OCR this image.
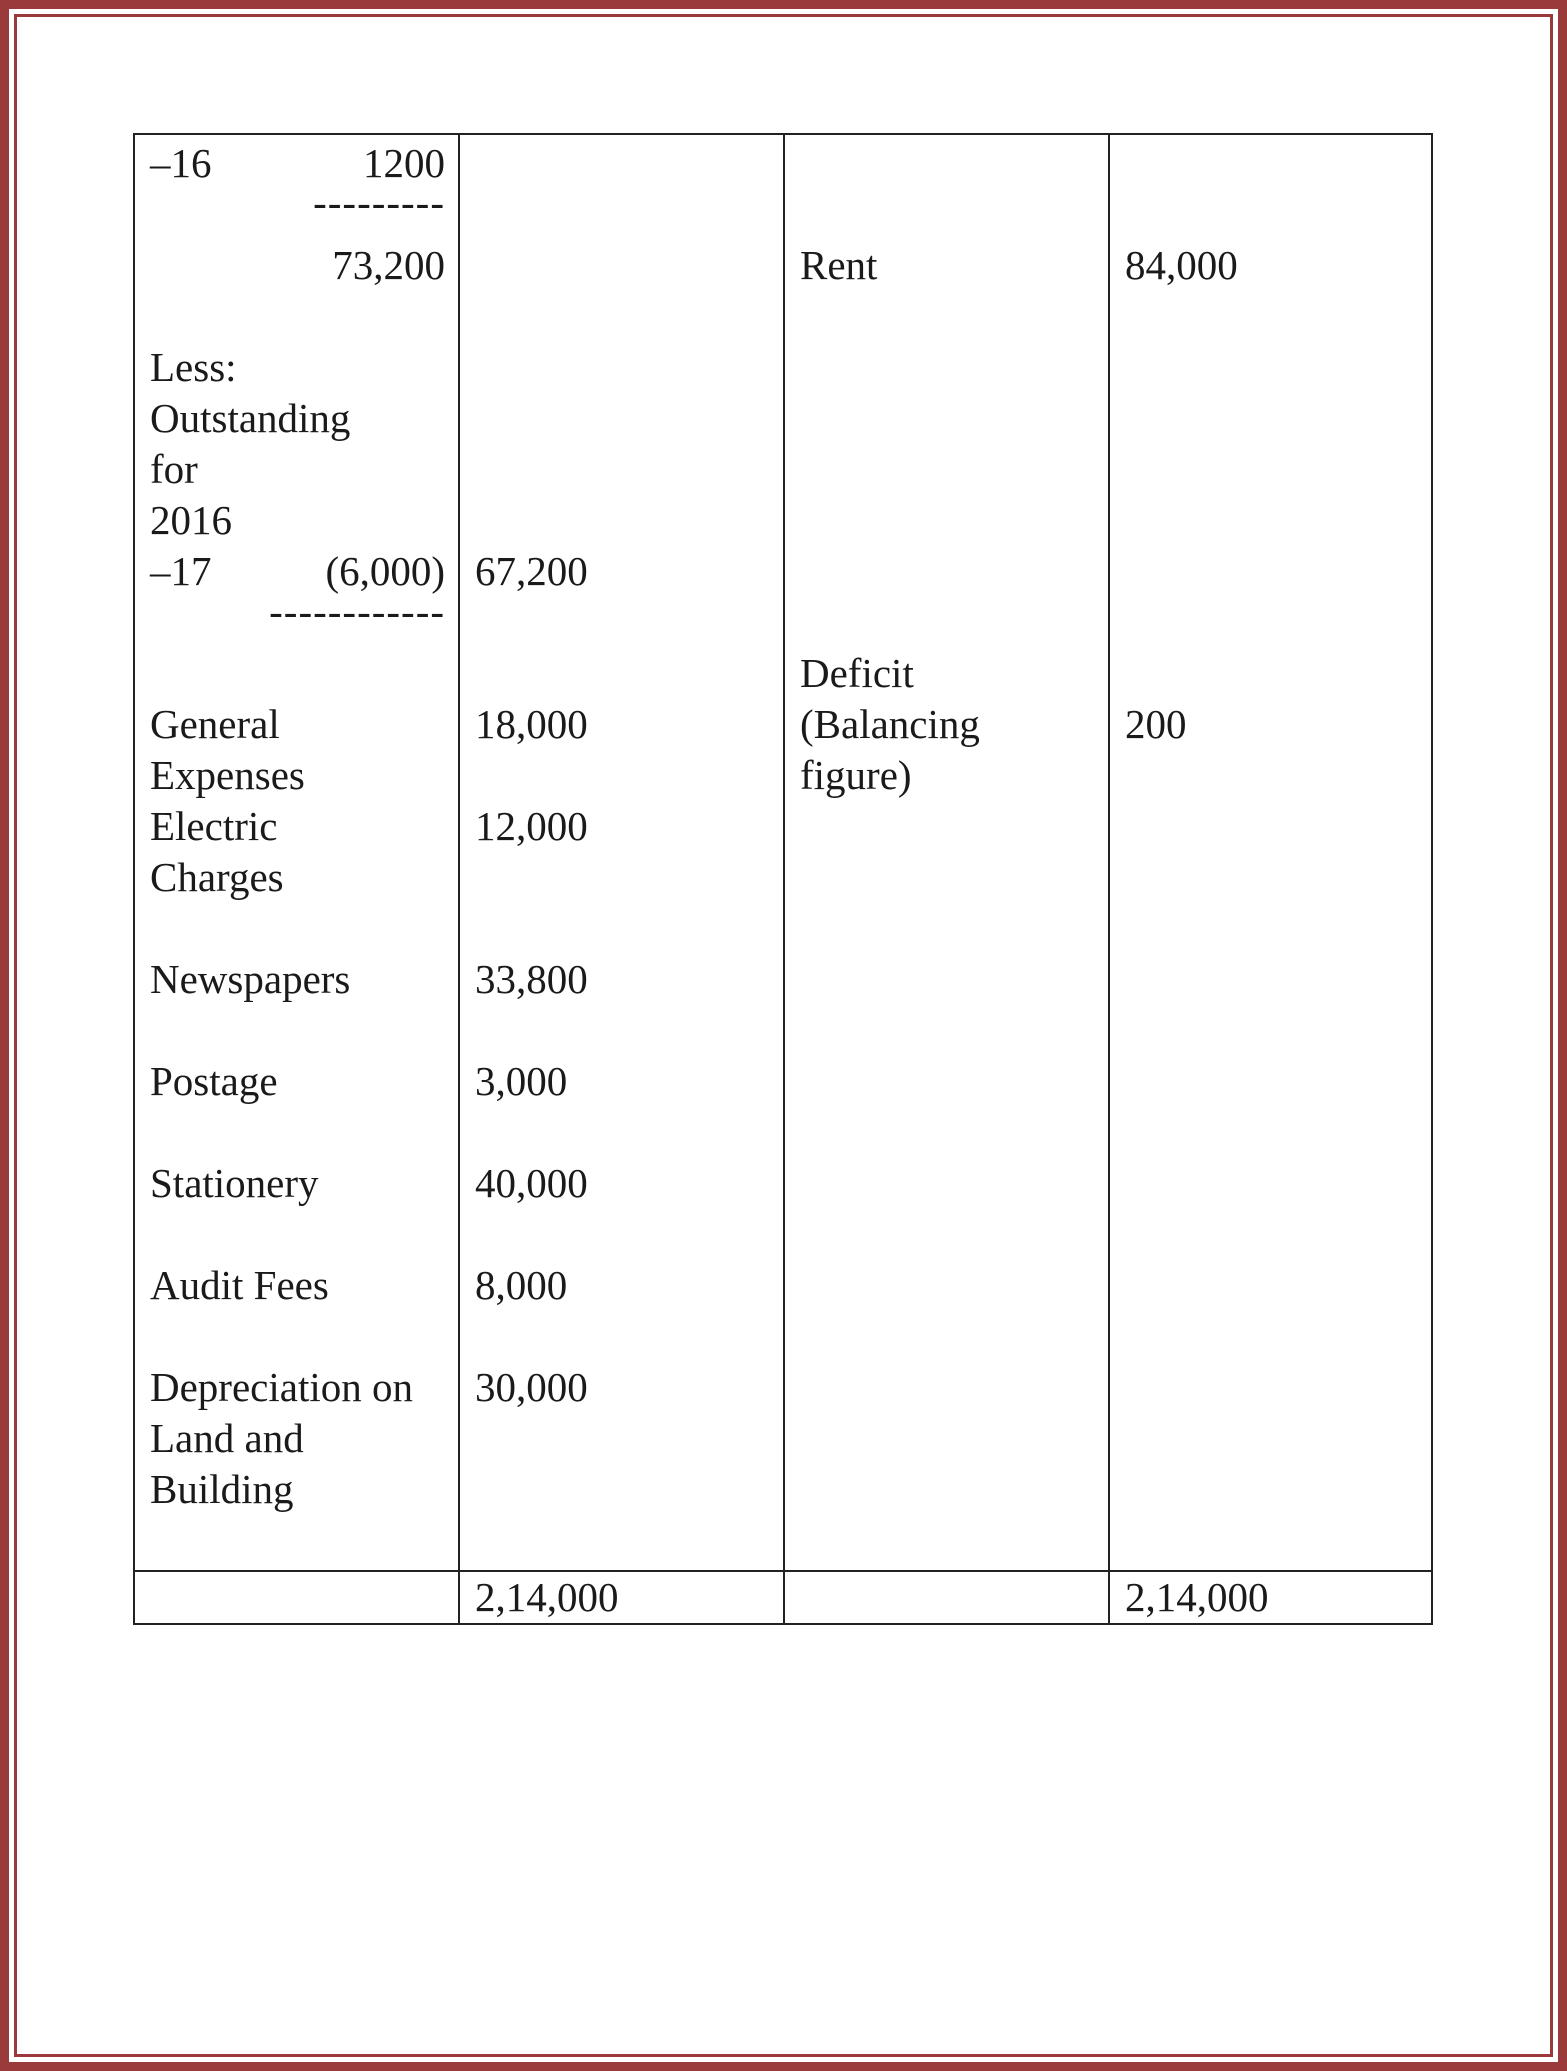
–16	1200
---------
73,200
Less:
Outstanding
for
2016
–17	(6,000)
------------
General
Expenses
Electric
Charges
Newspapers
Postage
Stationery
Audit Fees
Depreciation on
Land and
Building
67,200
18,000
12,000
33,800
3,000
40,000
8,000
30,000
2,14,000
Rent
Deficit
(Balancing
figure)
84,000
200
2,14,000
